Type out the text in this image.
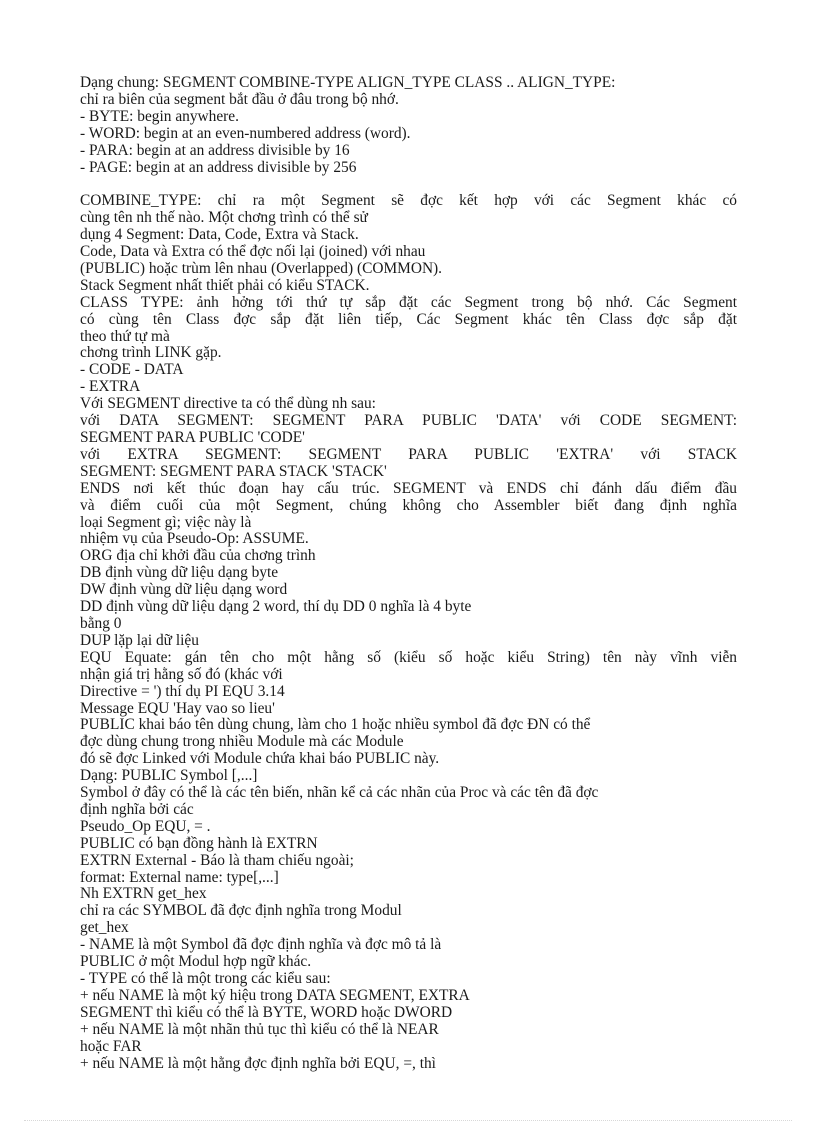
Dạng chung: SEGMENT COMBINE-TYPE ALIGN_TYPE CLASS .. ALIGN_TYPE:
chỉ ra biên của segment bắt đầu ở đâu trong bộ nhớ.
- BYTE: begin anywhere.
- WORD: begin at an even-numbered address (word).
- PARA: begin at an address divisible by 16
- PAGE: begin at an address divisible by 256
COMBINE_TYPE: chỉ ra một Segment sẽ đợc kết hợp với các Segment khác có
cùng tên nh thế nào. Một chơng trình có thể sử
dụng 4 Segment: Data, Code, Extra và Stack.
Code, Data và Extra có thể đợc nối lại (joined) với nhau
(PUBLIC) hoặc trùm lên nhau (Overlapped) (COMMON).
Stack Segment nhất thiết phải có kiểu STACK.
CLASS TYPE: ảnh hởng tới thứ tự sắp đặt các Segment trong bộ nhớ. Các Segment
có cùng tên Class đợc sắp đặt liên tiếp, Các Segment khác tên Class đợc sắp đặt
theo thứ tự mà
chơng trình LINK gặp.
- CODE - DATA
- EXTRA
Với SEGMENT directive ta có thể dùng nh sau:
với DATA SEGMENT: SEGMENT PARA PUBLIC 'DATA' với CODE SEGMENT:
SEGMENT PARA PUBLIC 'CODE'
với EXTRA SEGMENT: SEGMENT PARA PUBLIC 'EXTRA' với STACK
SEGMENT: SEGMENT PARA STACK 'STACK'
ENDS nơi kết thúc đoạn hay cấu trúc. SEGMENT và ENDS chỉ đánh dấu điểm đầu
và điểm cuối của một Segment, chúng không cho Assembler biết đang định nghĩa
loại Segment gì; việc này là
nhiệm vụ của Pseudo-Op: ASSUME.
ORG địa chỉ khởi đầu của chơng trình
DB định vùng dữ liệu dạng byte
DW định vùng dữ liệu dạng word
DD định vùng dữ liệu dạng 2 word, thí dụ DD 0 nghĩa là 4 byte
bằng 0
DUP lặp lại dữ liệu
EQU Equate: gán tên cho một hằng số (kiểu số hoặc kiểu String) tên này vĩnh viễn
nhận giá trị hằng số đó (khác với
Directive = ') thí dụ PI EQU 3.14
Message EQU 'Hay vao so lieu'
PUBLIC khai báo tên dùng chung, làm cho 1 hoặc nhiều symbol đã đợc ĐN có thể
đợc dùng chung trong nhiều Module mà các Module
đó sẽ đợc Linked với Module chứa khai báo PUBLIC này.
Dạng: PUBLIC Symbol [,...]
Symbol ở đây có thể là các tên biến, nhãn kể cả các nhãn của Proc và các tên đã đợc
định nghĩa bởi các
Pseudo_Op EQU, = .
PUBLIC có bạn đồng hành là EXTRN
EXTRN External - Báo là tham chiếu ngoài;
format: External name: type[,...]
Nh EXTRN get_hex
chỉ ra các SYMBOL đã đợc định nghĩa trong Modul
get_hex
- NAME là một Symbol đã đợc định nghĩa và đợc mô tả là
PUBLIC ở một Modul hợp ngữ khác.
- TYPE có thể là một trong các kiểu sau:
+ nếu NAME là một ký hiệu trong DATA SEGMENT, EXTRA
SEGMENT thì kiểu có thể là BYTE, WORD hoặc DWORD
+ nếu NAME là một nhãn thủ tục thì kiểu có thể là NEAR
hoặc FAR
+ nếu NAME là một hằng đợc định nghĩa bởi EQU, =, thì
